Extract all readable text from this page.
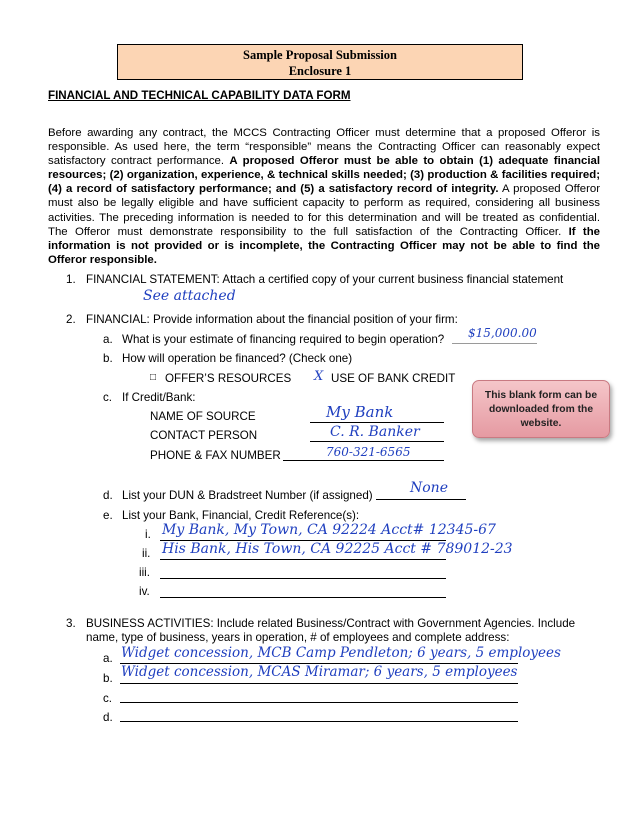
Sample Proposal Submission
Enclosure 1
FINANCIAL AND TECHNICAL CAPABILITY DATA FORM
Before awarding any contract, the MCCS Contracting Officer must determine that a proposed Offeror is responsible. As used here, the term “responsible” means the Contracting Officer can reasonably expect satisfactory contract performance. A proposed Offeror must be able to obtain (1) adequate financial resources; (2) organization, experience, & technical skills needed; (3) production & facilities required; (4) a record of satisfactory performance; and (5) a satisfactory record of integrity. A proposed Offeror must also be legally eligible and have sufficient capacity to perform as required, considering all business activities. The preceding information is needed to for this determination and will be treated as confidential. The Offeror must demonstrate responsibility to the full satisfaction of the Contracting Officer. If the information is not provided or is incomplete, the Contracting Officer may not be able to find the Offeror responsible.
1. FINANCIAL STATEMENT: Attach a certified copy of your current business financial statement
See attached
2. FINANCIAL: Provide information about the financial position of your firm:
a. What is your estimate of financing required to begin operation? $15,000.00
b. How will operation be financed? (Check one)
□ OFFER’S RESOURCES X USE OF BANK CREDIT
c. If Credit/Bank:
NAME OF SOURCE	My Bank
CONTACT PERSON	C. R. Banker
PHONE & FAX NUMBER	760-321-6565
d. List your DUN & Bradstreet Number (if assigned)	None
e. List your Bank, Financial, Credit Reference(s):
i. My Bank, My Town, CA 92224 Acct# 12345-67
ii. His Bank, His Town, CA 92225 Acct # 789012-23
iii.
iv.
3. BUSINESS ACTIVITIES: Include related Business/Contract with Government Agencies. Include
name, type of business, years in operation, # of employees and complete address:
a. Widget concession, MCB Camp Pendleton; 6 years, 5 employees
b. Widget concession, MCAS Miramar; 6 years, 5 employees
c.
d.
This blank form can be downloaded from the website.
